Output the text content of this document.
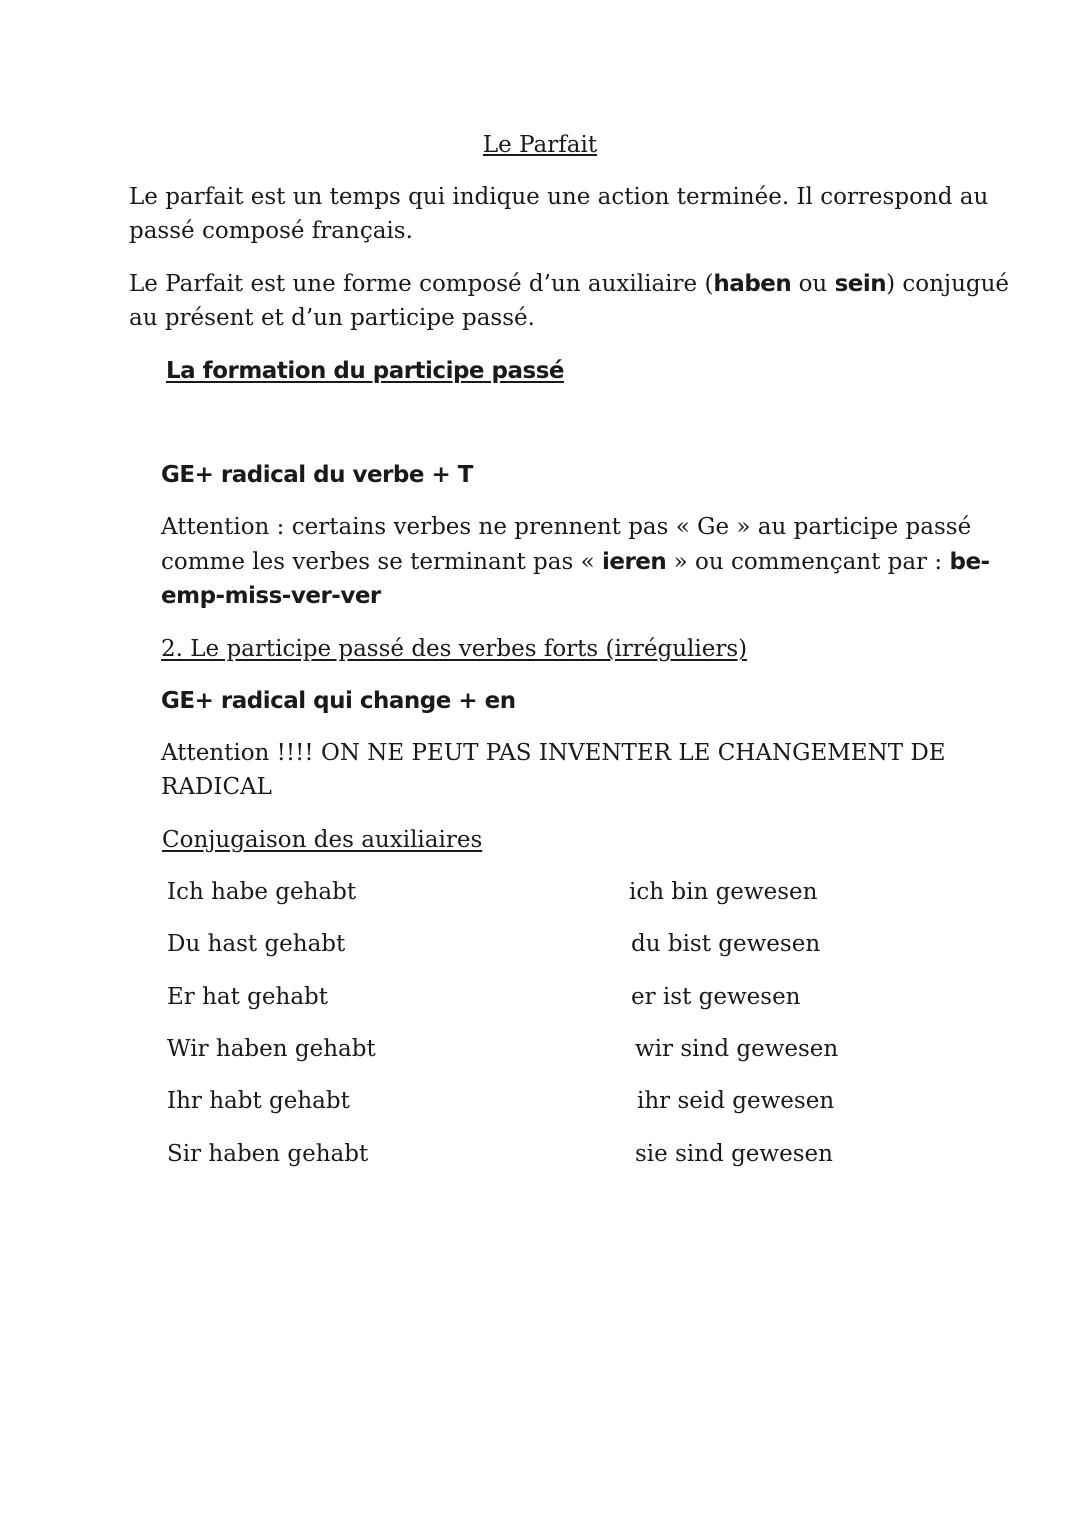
Le Parfait
Le parfait est un temps qui indique une action terminée. Il correspond au
passé composé français.
Le Parfait est une forme composé d’un auxiliaire (haben ou sein) conjugué
au présent et d’un participe passé.
La formation du participe passé
GE+ radical du verbe + T
Attention : certains verbes ne prennent pas « Ge » au participe passé
comme les verbes se terminant pas « ieren » ou commençant par : be-
emp-miss-ver-ver
2. Le participe passé des verbes forts (irréguliers)
GE+ radical qui change + en
Attention !!!! ON NE PEUT PAS INVENTER LE CHANGEMENT DE
RADICAL
Conjugaison des auxiliaires
Ich habe gehabt
Du hast gehabt
Er hat gehabt
Wir haben gehabt
Ihr habt gehabt
Sir haben gehabt
ich bin gewesen
du bist gewesen
er ist gewesen
wir sind gewesen
ihr seid gewesen
sie sind gewesen
